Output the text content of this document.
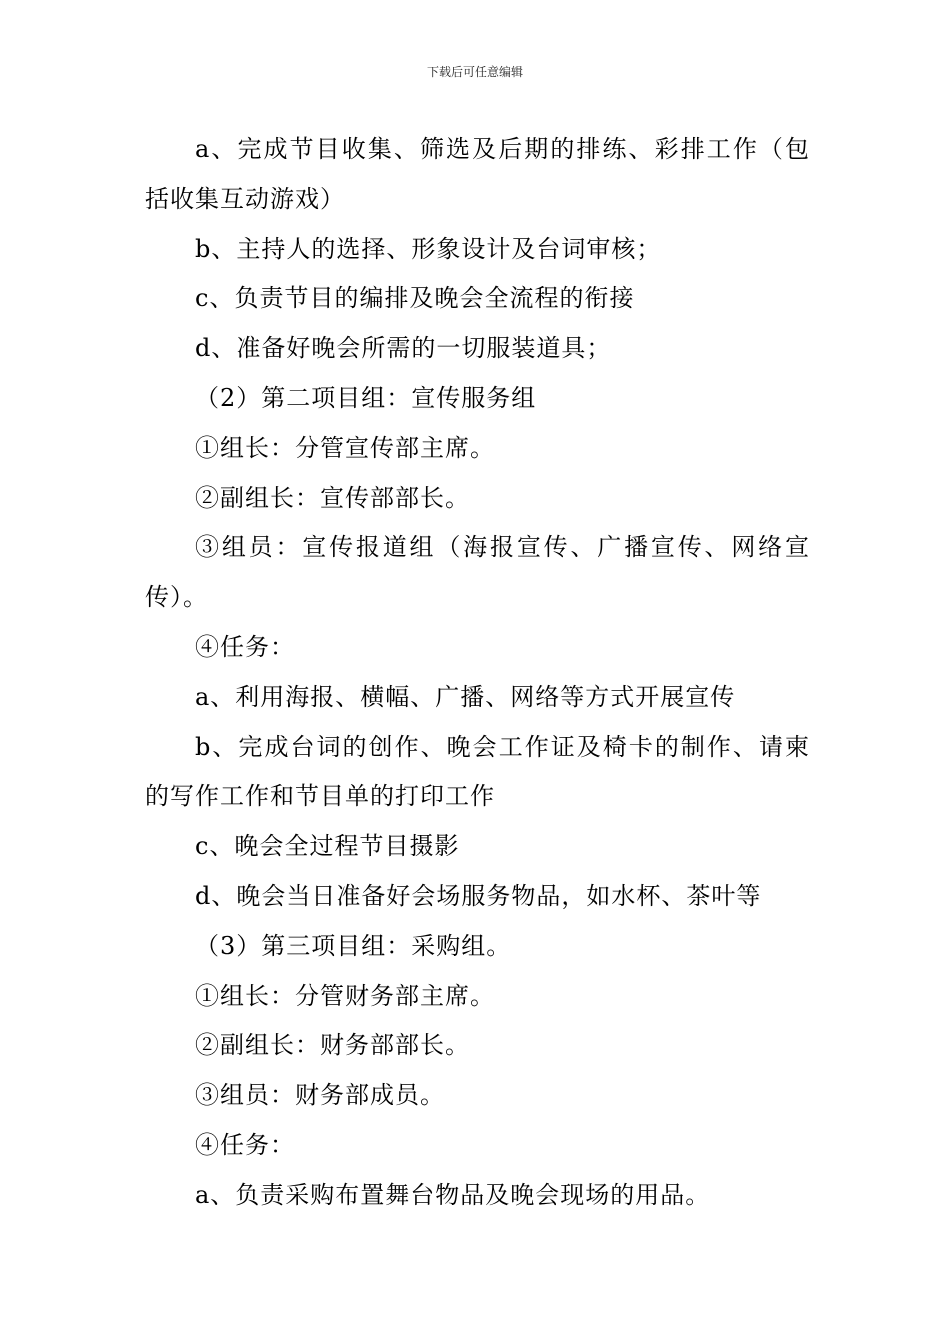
下载后可任意编辑

a、完成节目收集、筛选及后期的排练、彩排工作（包括收集互动游戏）

b、主持人的选择、形象设计及台词审核；

c、负责节目的编排及晚会全流程的衔接

d、准备好晚会所需的一切服装道具；

（2）第二项目组：宣传服务组

①组长：分管宣传部主席。

②副组长：宣传部部长。

③组员：宣传报道组（海报宣传、广播宣传、网络宣传）。

④任务：

a、利用海报、横幅、广播、网络等方式开展宣传

b、完成台词的创作、晚会工作证及椅卡的制作、请柬的写作工作和节目单的打印工作

c、晚会全过程节目摄影

d、晚会当日准备好会场服务物品，如水杯、茶叶等

（3）第三项目组：采购组。

①组长：分管财务部主席。

②副组长：财务部部长。

③组员：财务部成员。

④任务：

a、负责采购布置舞台物品及晚会现场的用品。
